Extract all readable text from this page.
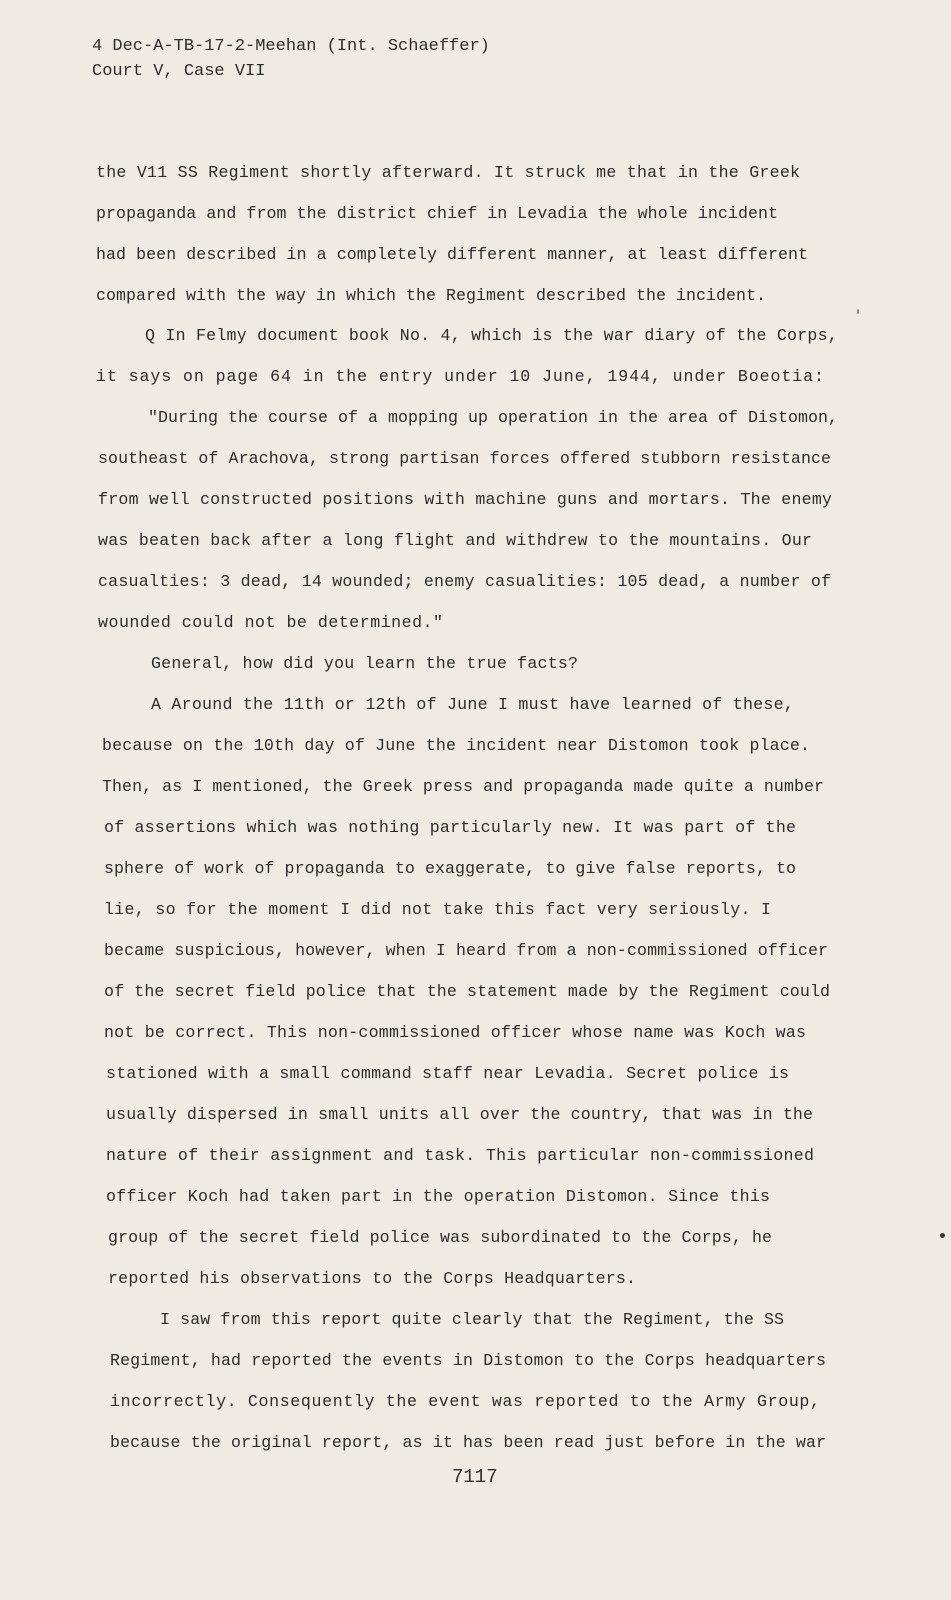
4 Dec-A-TB-17-2-Meehan (Int. Schaeffer)
Court V, Case VII
the V11 SS Regiment shortly afterward. It struck me that in the Greek
propaganda and from the district chief in Levadia the whole incident
had been described in a completely different manner, at least different
compared with the way in which the Regiment described the incident.
Q In Felmy document book No. 4, which is the war diary of the Corps,
it says on page 64 in the entry under 10 June, 1944, under Boeotia:
"During the course of a mopping up operation in the area of Distomon,
southeast of Arachova, strong partisan forces offered stubborn resistance
from well constructed positions with machine guns and mortars. The enemy
was beaten back after a long flight and withdrew to the mountains. Our
casualties: 3 dead, 14 wounded; enemy casualities: 105 dead, a number of
wounded could not be determined."
General, how did you learn the true facts?
A Around the 11th or 12th of June I must have learned of these,
because on the 10th day of June the incident near Distomon took place.
Then, as I mentioned, the Greek press and propaganda made quite a number
of assertions which was nothing particularly new. It was part of the
sphere of work of propaganda to exaggerate, to give false reports, to
lie, so for the moment I did not take this fact very seriously. I
became suspicious, however, when I heard from a non-commissioned officer
of the secret field police that the statement made by the Regiment could
not be correct. This non-commissioned officer whose name was Koch was
stationed with a small command staff near Levadia. Secret police is
usually dispersed in small units all over the country, that was in the
nature of their assignment and task. This particular non-commissioned
officer Koch had taken part in the operation Distomon. Since this
group of the secret field police was subordinated to the Corps, he
reported his observations to the Corps Headquarters.
I saw from this report quite clearly that the Regiment, the SS
Regiment, had reported the events in Distomon to the Corps headquarters
incorrectly. Consequently the event was reported to the Army Group,
because the original report, as it has been read just before in the war
7117
